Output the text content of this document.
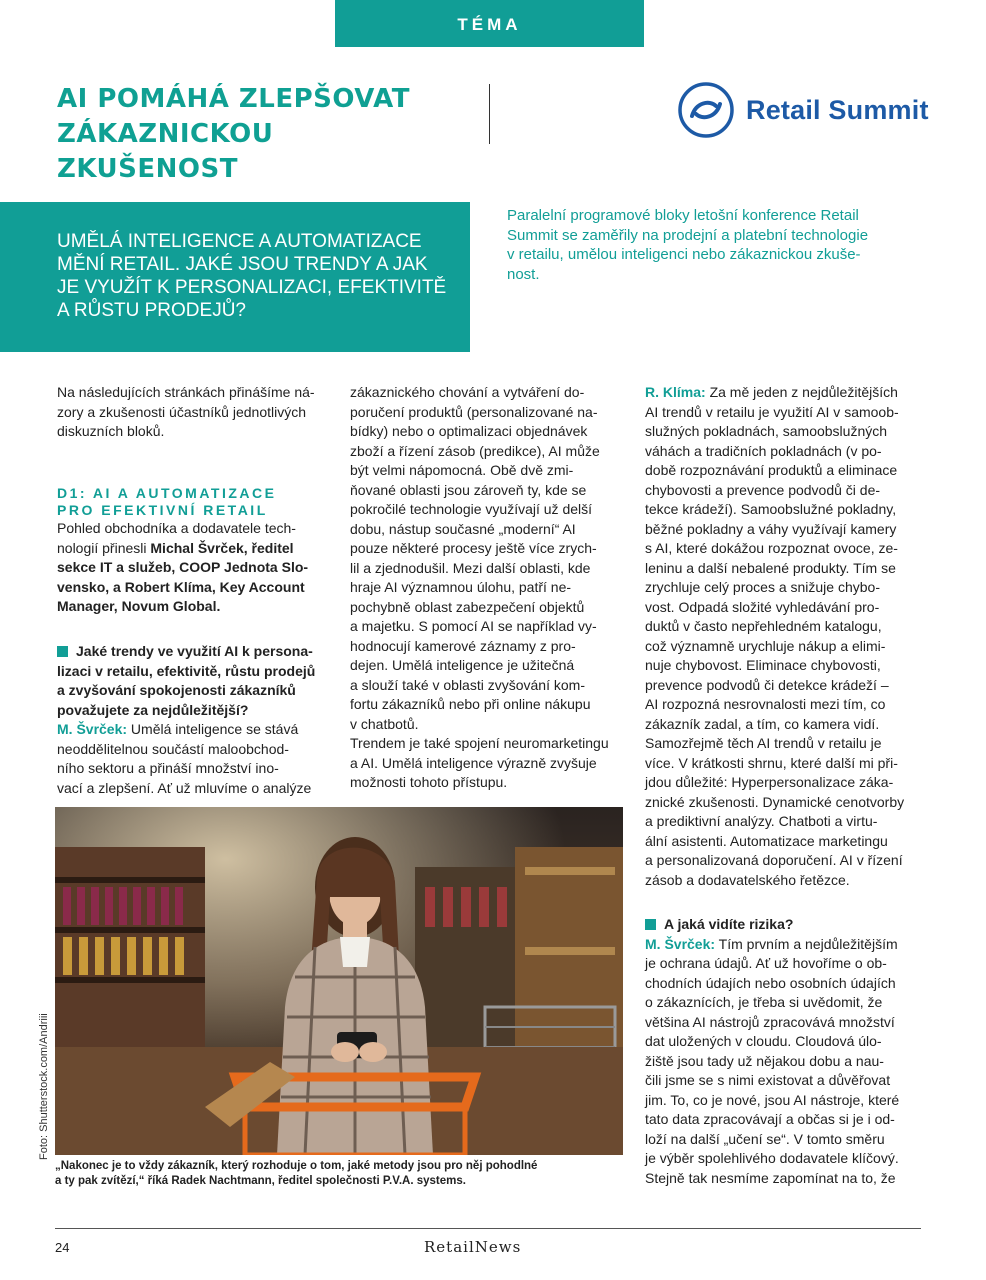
TÉMA
AI POMÁHÁ ZLEPŠOVAT
ZÁKAZNICKOU
ZKUŠENOST
Retail Summit
UMĚLÁ INTELIGENCE A AUTOMATIZACE
MĚNÍ RETAIL. JAKÉ JSOU TRENDY A JAK
JE VYUŽÍT K PERSONALIZACI, EFEKTIVITĚ
A RŮSTU PRODEJŮ?
Paralelní programové bloky letošní konference Retail
Summit se zaměřily na prodejní a platební technologie
v retailu, umělou inteligenci nebo zákaznickou zkuše-
nost.
Na následujících stránkách přinášíme ná-
zory a zkušenosti účastníků jednotlivých
diskuzních bloků.
D1: AI A AUTOMATIZACE
PRO EFEKTIVNÍ RETAIL
Pohled obchodníka a dodavatele tech-
nologií přinesli Michal Švrček, ředitel
sekce IT a služeb, COOP Jednota Slo-
vensko, a Robert Klíma, Key Account
Manager, Novum Global.
Jaké trendy ve využití AI k persona-
lizaci v retailu, efektivitě, růstu prodejů
a zvyšování spokojenosti zákazníků
považujete za nejdůležitější?
M. Švrček: Umělá inteligence se stává
neoddělitelnou součástí maloobchod-
ního sektoru a přináší množství ino-
vací a zlepšení. Ať už mluvíme o analýze
zákaznického chování a vytváření do-
poručení produktů (personalizované na-
bídky) nebo o optimalizaci objednávek
zboží a řízení zásob (predikce), AI může
být velmi nápomocná. Obě dvě zmi-
ňované oblasti jsou zároveň ty, kde se
pokročilé technologie využívají už delší
dobu, nástup současné „moderní“ AI
pouze některé procesy ještě více zrych-
lil a zjednodušil. Mezi další oblasti, kde
hraje AI významnou úlohu, patří ne-
pochybně oblast zabezpečení objektů
a majetku. S pomocí AI se například vy-
hodnocují kamerové záznamy z pro-
dejen. Umělá inteligence je užitečná
a slouží také v oblasti zvyšování kom-
fortu zákazníků nebo při online nákupu
v chatbotů.
Trendem je také spojení neuromarketingu
a AI. Umělá inteligence výrazně zvyšuje
možnosti tohoto přístupu.
R. Klíma: Za mě jeden z nejdůležitějších
AI trendů v retailu je využití AI v samoob-
služných pokladnách, samoobslužných
váhách a tradičních pokladnách (v po-
době rozpoznávání produktů a eliminace
chybovosti a prevence podvodů či de-
tekce krádeží). Samoobslužné pokladny,
běžné pokladny a váhy využívají kamery
s AI, které dokážou rozpoznat ovoce, ze-
leninu a další nebalené produkty. Tím se
zrychluje celý proces a snižuje chybo-
vost. Odpadá složité vyhledávání pro-
duktů v často nepřehledném katalogu,
což významně urychluje nákup a elimi-
nuje chybovost. Eliminace chybovosti,
prevence podvodů či detekce krádeží –
AI rozpozná nesrovnalosti mezi tím, co
zákazník zadal, a tím, co kamera vidí.
Samozřejmě těch AI trendů v retailu je
více. V krátkosti shrnu, které další mi při-
jdou důležité: Hyperpersonalizace záka-
znické zkušenosti. Dynamické cenotvorby
a prediktivní analýzy. Chatboti a virtu-
ální asistenti. Automatizace marketingu
a personalizovaná doporučení. AI v řízení
zásob a dodavatelského řetězce.
A jaká vidíte rizika?
M. Švrček: Tím prvním a nejdůležitějším
je ochrana údajů. Ať už hovoříme o ob-
chodních údajích nebo osobních údajích
o zákaznících, je třeba si uvědomit, že
většina AI nástrojů zpracovává množství
dat uložených v cloudu. Cloudová úlo-
žiště jsou tady už nějakou dobu a nau-
čili jsme se s nimi existovat a důvěřovat
jim. To, co je nové, jsou AI nástroje, které
tato data zpracovávají a občas si je i od-
loží na další „učení se“. V tomto směru
je výběr spolehlivého dodavatele klíčový.
Stejně tak nesmíme zapomínat na to, že
Foto: Shutterstock.com/Andriii
„Nakonec je to vždy zákazník, který rozhoduje o tom, jaké metody jsou pro něj pohodlné
a ty pak zvítězí,“ říká Radek Nachtmann, ředitel společnosti P.V.A. systems.
24	RetailNews
